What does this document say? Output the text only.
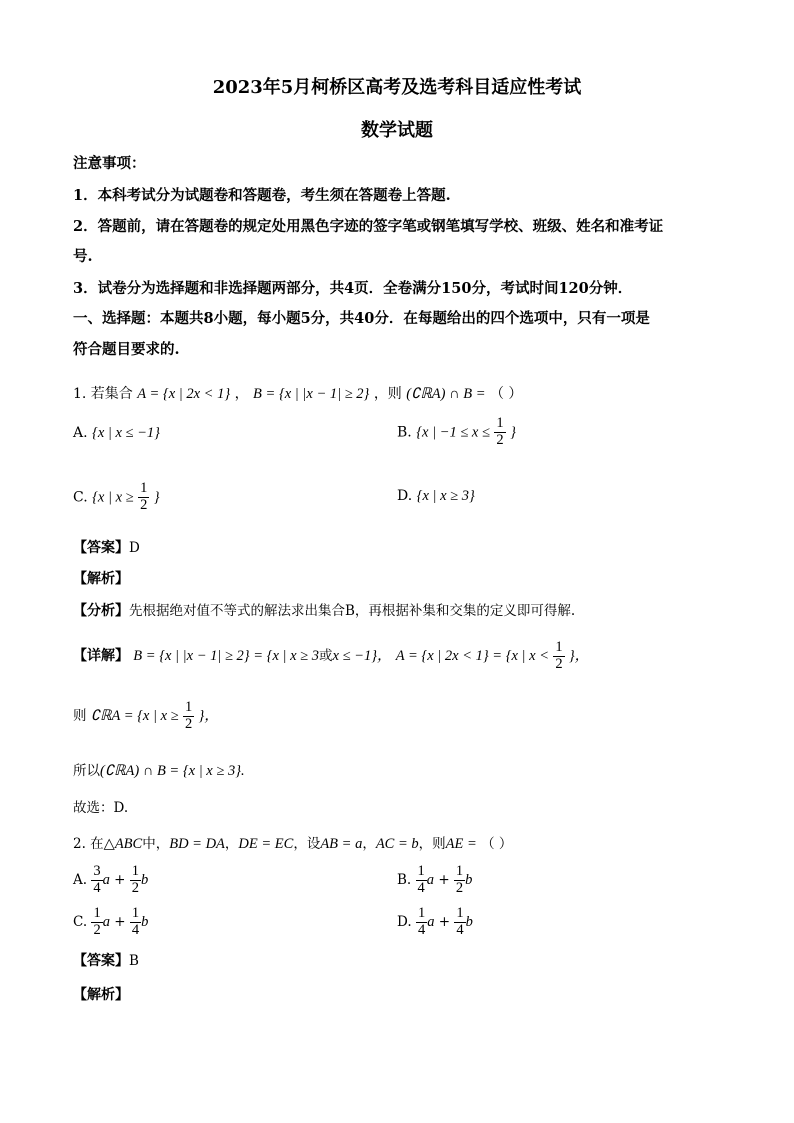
2023年5月柯桥区高考及选考科目适应性考试
数学试题
注意事项：
1．本科考试分为试题卷和答题卷，考生须在答题卷上答题.
2．答题前，请在答题卷的规定处用黑色字迹的签字笔或钢笔填写学校、班级、姓名和准考证
号.
3．试卷分为选择题和非选择题两部分，共4页．全卷满分150分，考试时间120分钟．
一、选择题：本题共8小题，每小题5分，共40分．在每题给出的四个选项中，只有一项是
符合题目要求的.
1. 若集合 A = {x | 2x < 1} ， B = {x | |x − 1| ≥ 2} ，则 (∁ℝA) ∩ B = （ ）
A. {x | x ≤ −1}	B. {x | $-1 \le x \le \frac{1}{2}$ }
C. {x | $x \ge \frac{1}{2}$ }	D. {x | x ≥ 3}
【答案】D
【解析】
【分析】先根据绝对值不等式的解法求出集合B，再根据补集和交集的定义即可得解.
【详解】 B = {x | |x − 1| ≥ 2} = {x | x ≥ 3或x ≤ −1}， A = {x | 2x < 1} = {x | $x < \frac{1}{2}$ }，
则 ∁ℝA = {x | $x \ge \frac{1}{2}$ }，
所以(∁ℝA) ∩ B = {x | x ≥ 3}.
故选：D.
2. 在△ABC中，BD = DA，DE = EC，设AB = a，AC = b，则AE = （ ）
A. $\frac{3}{4}$ $a + \frac{1}{2}$ b	B. $\frac{1}{4}$ $a + \frac{1}{2}$ b
C. $\frac{1}{2}$ $a + \frac{1}{4}$ b	D. $\frac{1}{4}$ $a + \frac{1}{4}$ b
【答案】B
【解析】
